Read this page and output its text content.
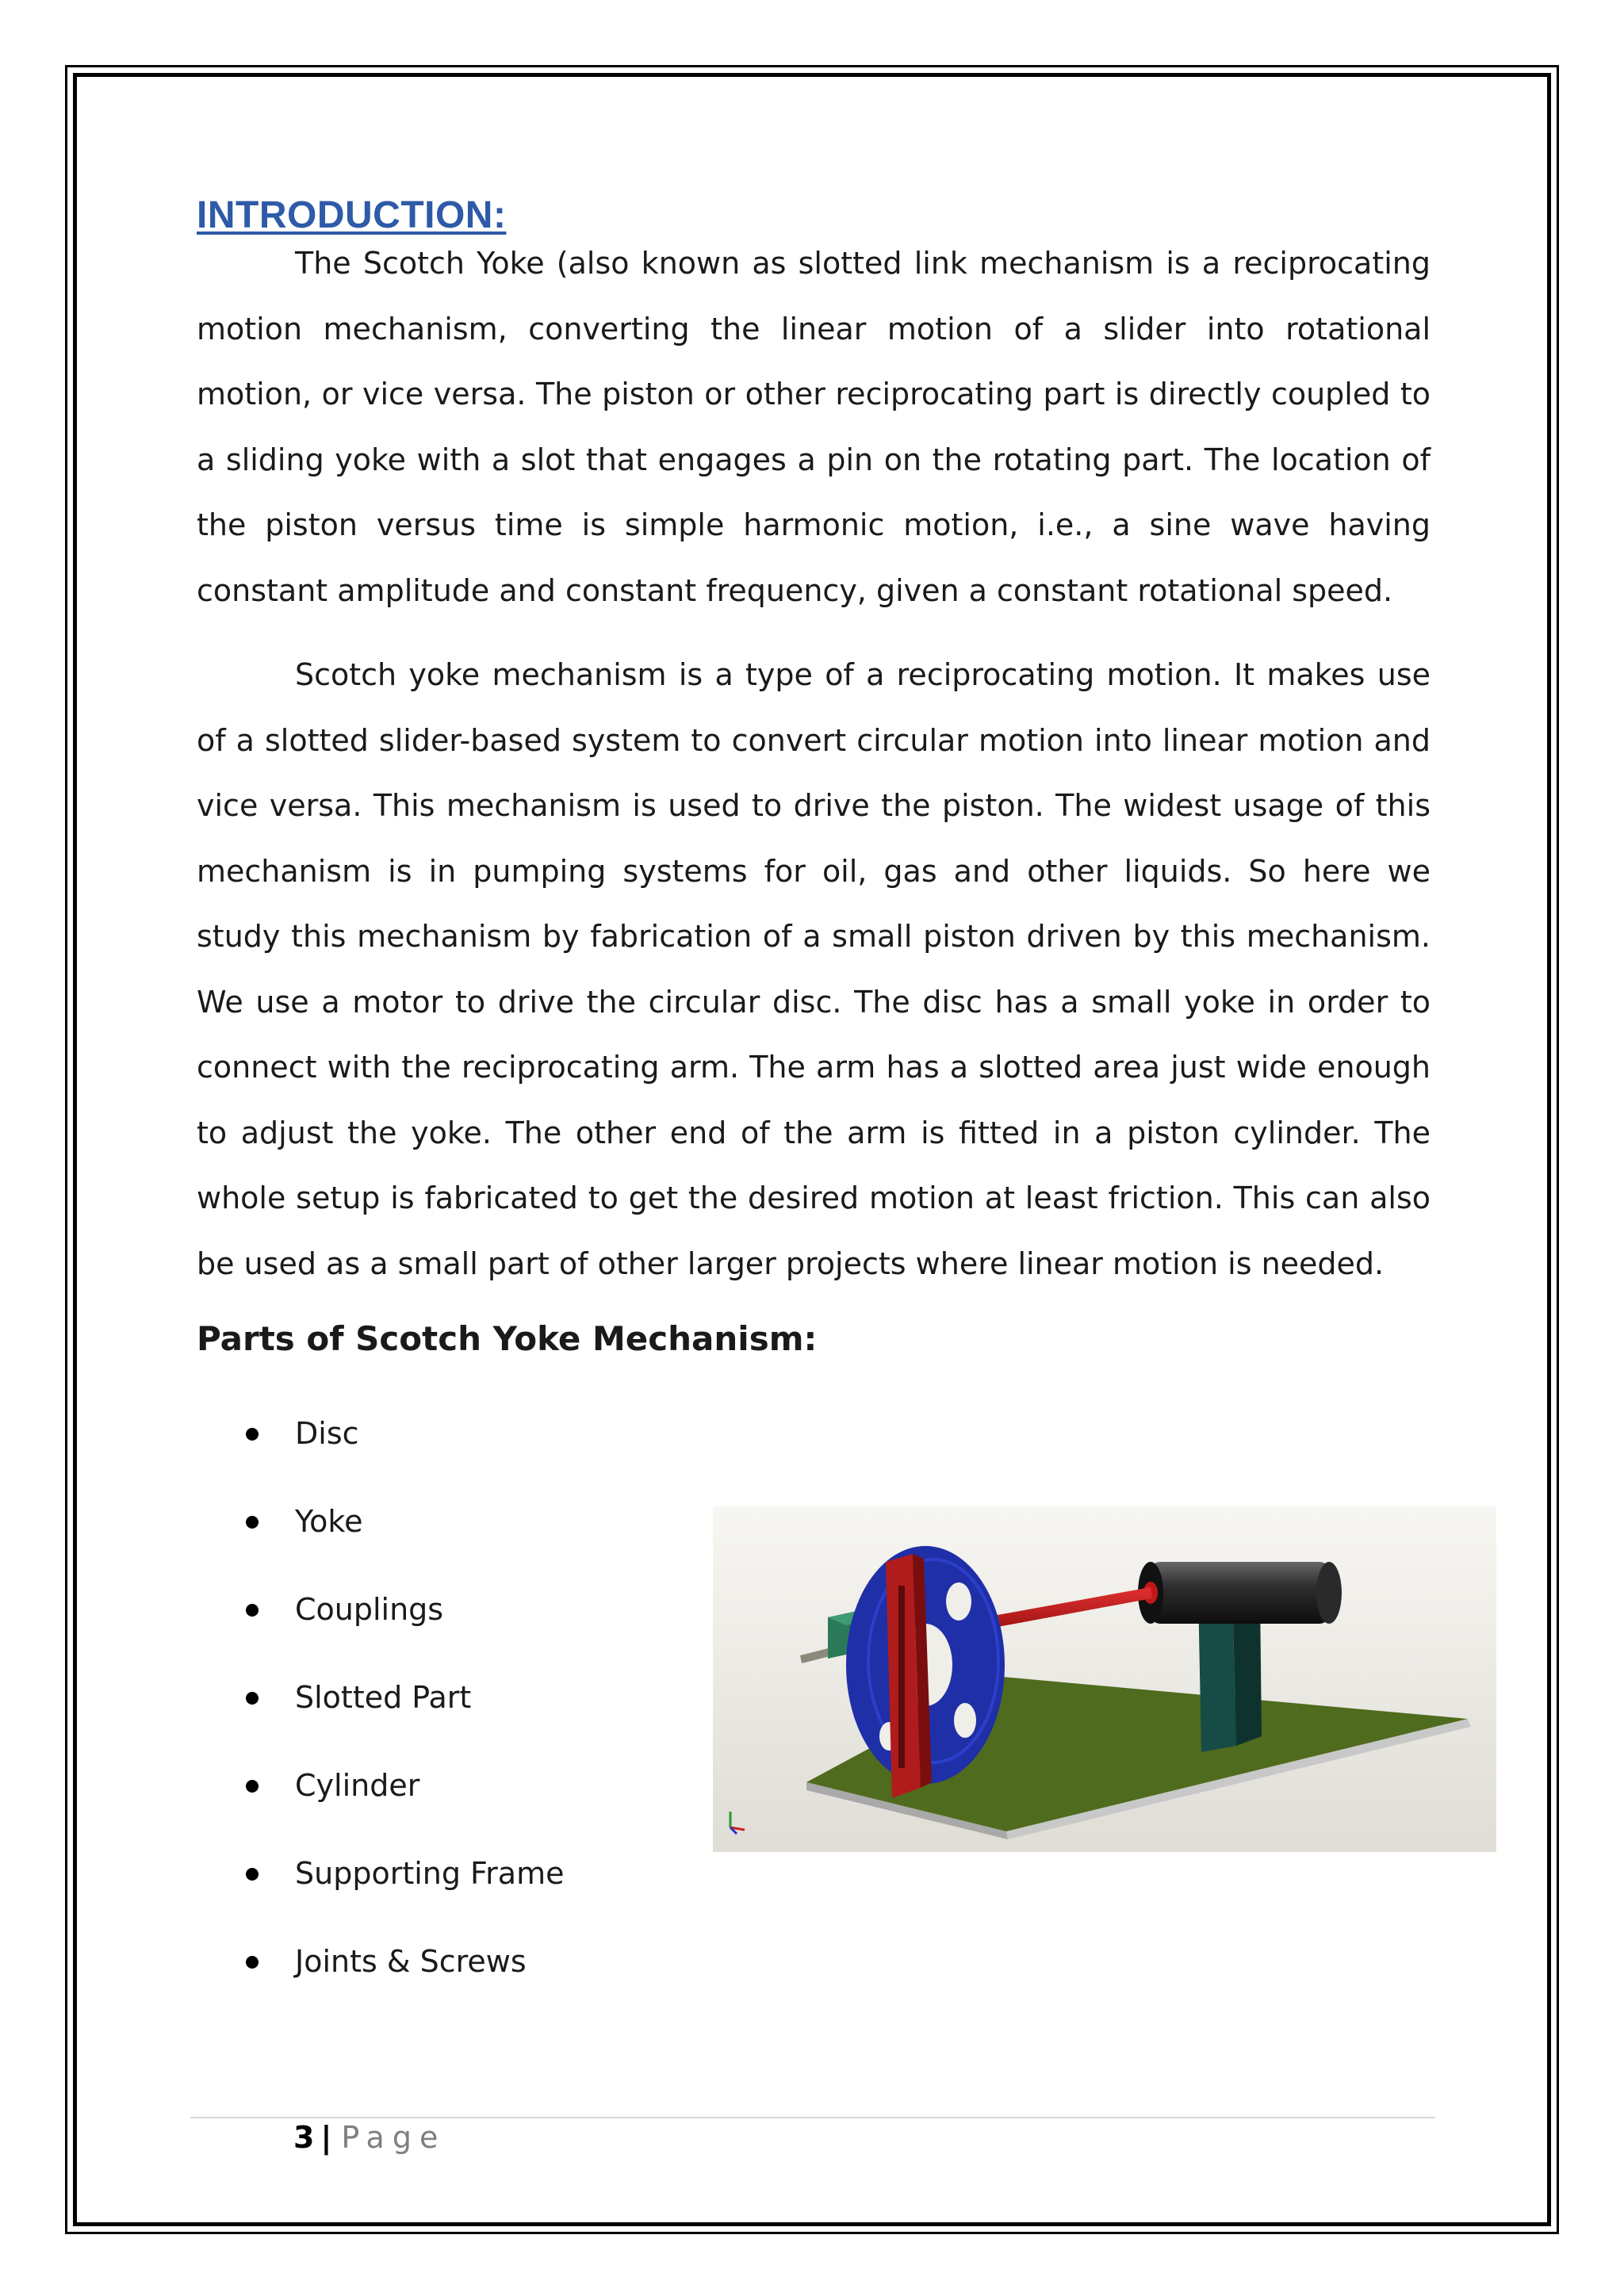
INTRODUCTION:

The Scotch Yoke (also known as slotted link mechanism is a reciprocating motion mechanism, converting the linear motion of a slider into rotational motion, or vice versa. The piston or other reciprocating part is directly coupled to a sliding yoke with a slot that engages a pin on the rotating part. The location of the piston versus time is simple harmonic motion, i.e., a sine wave having constant amplitude and constant frequency, given a constant rotational speed.

Scotch yoke mechanism is a type of a reciprocating motion. It makes use of a slotted slider-based system to convert circular motion into linear motion and vice versa. This mechanism is used to drive the piston. The widest usage of this mechanism is in pumping systems for oil, gas and other liquids. So here we study this mechanism by fabrication of a small piston driven by this mechanism. We use a motor to drive the circular disc. The disc has a small yoke in order to connect with the reciprocating arm. The arm has a slotted area just wide enough to adjust the yoke. The other end of the arm is fitted in a piston cylinder. The whole setup is fabricated to get the desired motion at least friction. This can also be used as a small part of other larger projects where linear motion is needed.

Parts of Scotch Yoke Mechanism:
Disc
Yoke
Couplings
Slotted Part
Cylinder
Supporting Frame
Joints & Screws
3 | Page
